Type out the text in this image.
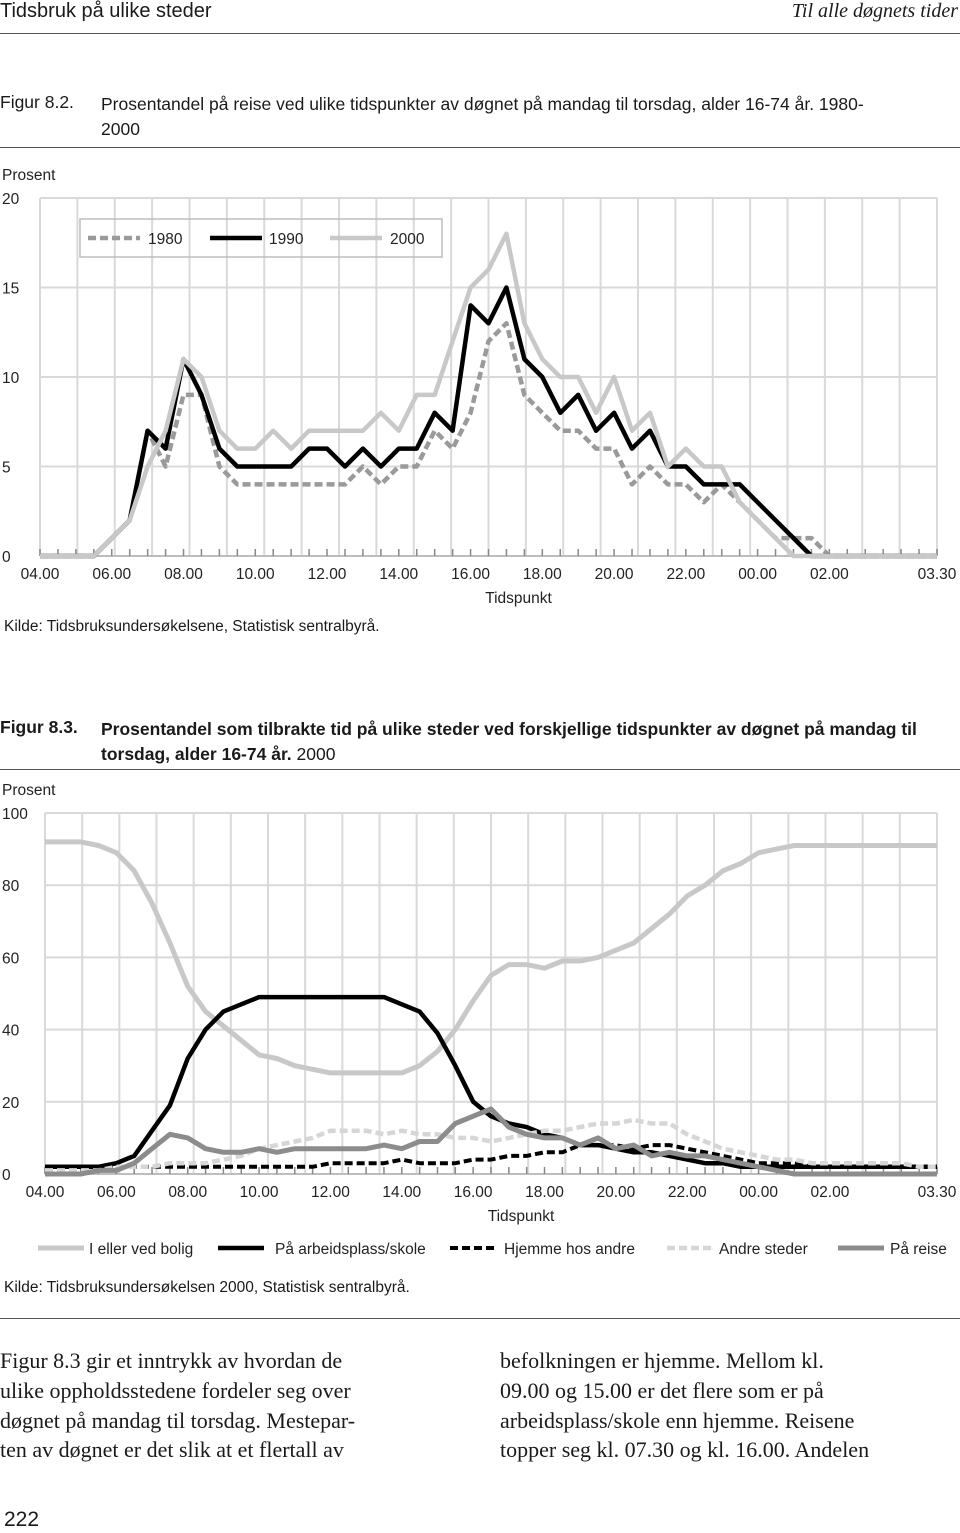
Tidsbruk på ulike steder	Til alle døgnets tider
Figur 8.2. Prosentandel på reise ved ulike tidspunkter av døgnet på mandag til torsdag, alder 16-74 år. 1980-2000
0
5
10
15
20
Prosent
04.00 06.00 08.00 10.00 12.00 14.00 16.00 18.00 20.00 22.00 00.00 02.00	03.30
Tidspunkt
1980	1990	2000
Kilde: Tidsbruksundersøkelsene, Statistisk sentralbyrå.
Figur 8.3. Prosentandel som tilbrakte tid på ulike steder ved forskjellige tidspunkter av døgnet på mandag til torsdag, alder 16-74 år. 2000
0
20
40
60
80
100
Prosent
04.00 06.00 08.00 10.00 12.00 14.00 16.00 18.00 20.00 22.00 00.00 02.00	03.30
Tidspunkt
I eller ved bolig	På arbeidsplass/skole	Hjemme hos andre	Andre steder	På reise
Kilde: Tidsbruksundersøkelsen 2000, Statistisk sentralbyrå.
Figur 8.3 gir et inntrykk av hvordan de
ulike oppholdsstedene fordeler seg over
døgnet på mandag til torsdag. Mestepar-
ten av døgnet er det slik at et flertall av
befolkningen er hjemme. Mellom kl.
09.00 og 15.00 er det flere som er på
arbeidsplass/skole enn hjemme. Reisene
topper seg kl. 07.30 og kl. 16.00. Andelen
222
